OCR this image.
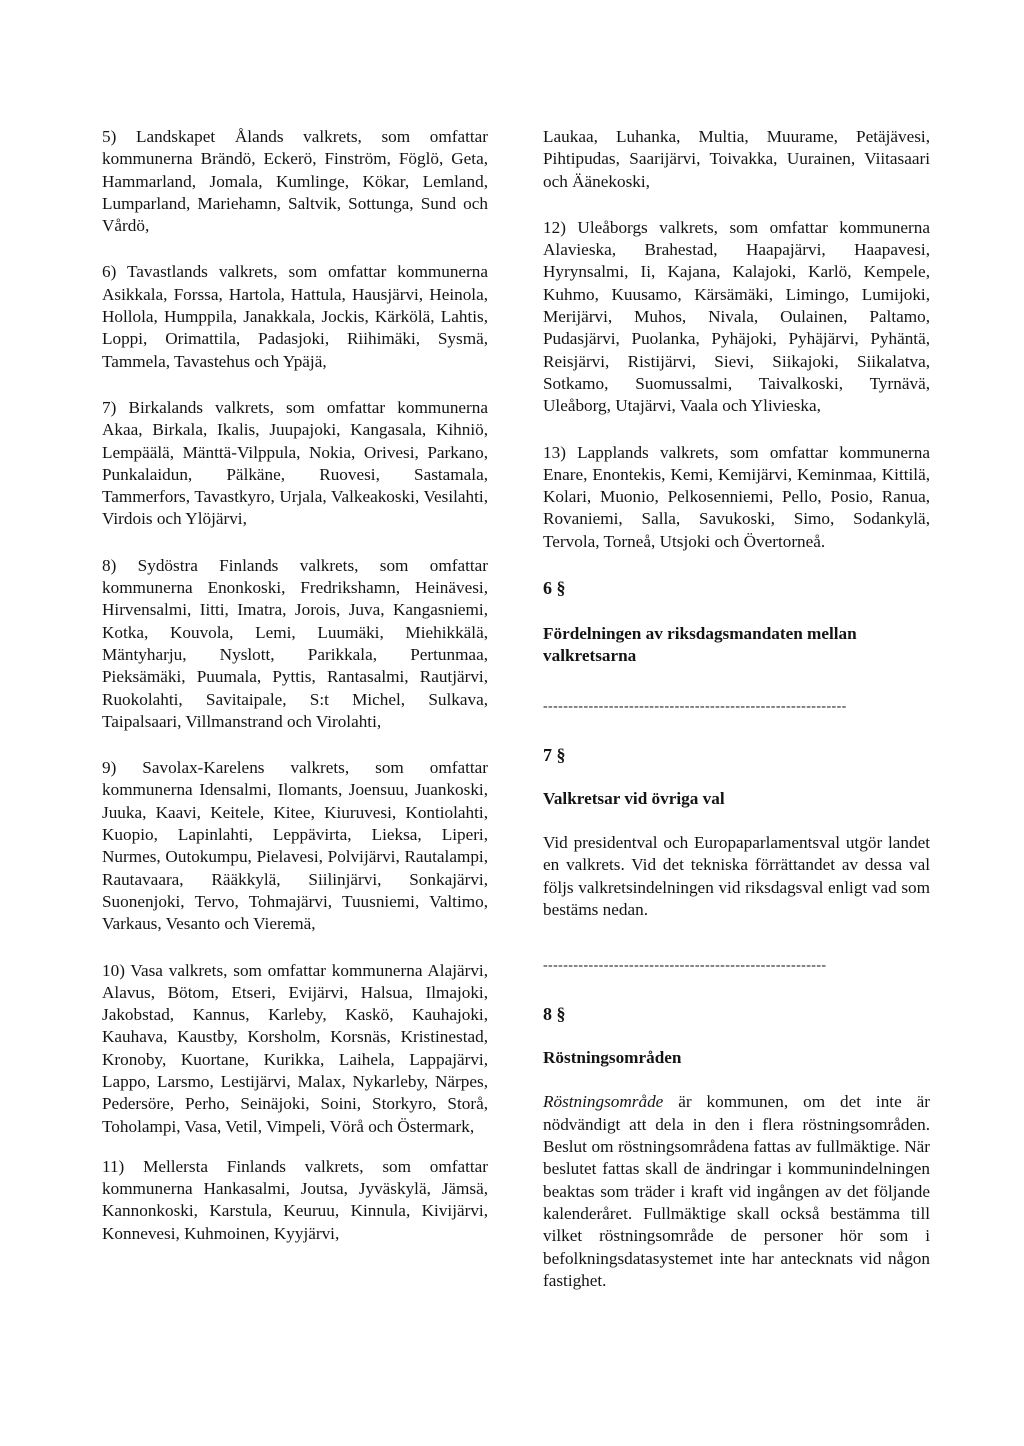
5) Landskapet Ålands valkrets, som omfattar kommunerna Brändö, Eckerö, Finström, Föglö, Geta, Hammarland, Jomala, Kumlinge, Kökar, Lemland, Lumparland, Mariehamn, Saltvik, Sottunga, Sund och Vårdö,

6) Tavastlands valkrets, som omfattar kommunerna Asikkala, Forssa, Hartola, Hattula, Hausjärvi, Heinola, Hollola, Humppila, Janakkala, Jockis, Kärkölä, Lahtis, Loppi, Orimattila, Padasjoki, Riihimäki, Sysmä, Tammela, Tavastehus och Ypäjä,

7) Birkalands valkrets, som omfattar kommunerna Akaa, Birkala, Ikalis, Juupajoki, Kangasala, Kihniö, Lempäälä, Mänttä-Vilppula, Nokia, Orivesi, Parkano, Punkalaidun, Pälkäne, Ruovesi, Sastamala, Tammerfors, Tavastkyro, Urjala, Valkeakoski, Vesilahti, Virdois och Ylöjärvi,

8) Sydöstra Finlands valkrets, som omfattar kommunerna Enonkoski, Fredrikshamn, Heinävesi, Hirvensalmi, Iitti, Imatra, Jorois, Juva, Kangasniemi, Kotka, Kouvola, Lemi, Luumäki, Miehikkälä, Mäntyharju, Nyslott, Parikkala, Pertunmaa, Pieksämäki, Puumala, Pyttis, Rantasalmi, Rautjärvi, Ruokolahti, Savitaipale, S:t Michel, Sulkava, Taipalsaari, Villmanstrand och Virolahti,

9) Savolax-Karelens valkrets, som omfattar kommunerna Idensalmi, Ilomants, Joensuu, Juankoski, Juuka, Kaavi, Keitele, Kitee, Kiuruvesi, Kontiolahti, Kuopio, Lapinlahti, Leppävirta, Lieksa, Liperi, Nurmes, Outokumpu, Pielavesi, Polvijärvi, Rautalampi, Rautavaara, Rääkkylä, Siilinjärvi, Sonkajärvi, Suonenjoki, Tervo, Tohmajärvi, Tuusniemi, Valtimo, Varkaus, Vesanto och Vieremä,

10) Vasa valkrets, som omfattar kommunerna Alajärvi, Alavus, Bötom, Etseri, Evijärvi, Halsua, Ilmajoki, Jakobstad, Kannus, Karleby, Kaskö, Kauhajoki, Kauhava, Kaustby, Korsholm, Korsnäs, Kristinestad, Kronoby, Kuortane, Kurikka, Laihela, Lappajärvi, Lappo, Larsmo, Lestijärvi, Malax, Nykarleby, Närpes, Pedersöre, Perho, Seinäjoki, Soini, Storkyro, Storå, Toholampi, Vasa, Vetil, Vimpeli, Vörå och Östermark,

11) Mellersta Finlands valkrets, som omfattar kommunerna Hankasalmi, Joutsa, Jyväskylä, Jämsä, Kannonkoski, Karstula, Keuruu, Kinnula, Kivijärvi, Konnevesi, Kuhmoinen, Kyyjärvi,

Laukaa, Luhanka, Multia, Muurame, Petäjävesi, Pihtipudas, Saarijärvi, Toivakka, Uurainen, Viitasaari och Äänekoski,

12) Uleåborgs valkrets, som omfattar kommunerna Alavieska, Brahestad, Haapajärvi, Haapavesi, Hyrynsalmi, Ii, Kajana, Kalajoki, Karlö, Kempele, Kuhmo, Kuusamo, Kärsämäki, Limingo, Lumijoki, Merijärvi, Muhos, Nivala, Oulainen, Paltamo, Pudasjärvi, Puolanka, Pyhäjoki, Pyhäjärvi, Pyhäntä, Reisjärvi, Ristijärvi, Sievi, Siikajoki, Siikalatva, Sotkamo, Suomussalmi, Taivalkoski, Tyrnävä, Uleåborg, Utajärvi, Vaala och Ylivieska,

13) Lapplands valkrets, som omfattar kommunerna Enare, Enontekis, Kemi, Kemijärvi, Keminmaa, Kittilä, Kolari, Muonio, Pelkosenniemi, Pello, Posio, Ranua, Rovaniemi, Salla, Savukoski, Simo, Sodankylä, Tervola, Torneå, Utsjoki och Övertorneå.

6 §

Fördelningen av riksdagsmandaten mellan valkretsarna

------------------------------------------------------------

7 §

Valkretsar vid övriga val

Vid presidentval och Europaparlamentsval utgör landet en valkrets. Vid det tekniska förrättandet av dessa val följs valkretsindelningen vid riksdagsval enligt vad som bestäms nedan.

--------------------------------------------------------

8 §

Röstningsområden

Röstningsområde är kommunen, om det inte är nödvändigt att dela in den i flera röstningsområden. Beslut om röstningsområdena fattas av fullmäktige. När beslutet fattas skall de ändringar i kommunindelningen beaktas som träder i kraft vid ingången av det följande kalenderåret. Fullmäktige skall också bestämma till vilket röstningsområde de personer hör som i befolkningsdatasystemet inte har antecknats vid någon fastighet.
